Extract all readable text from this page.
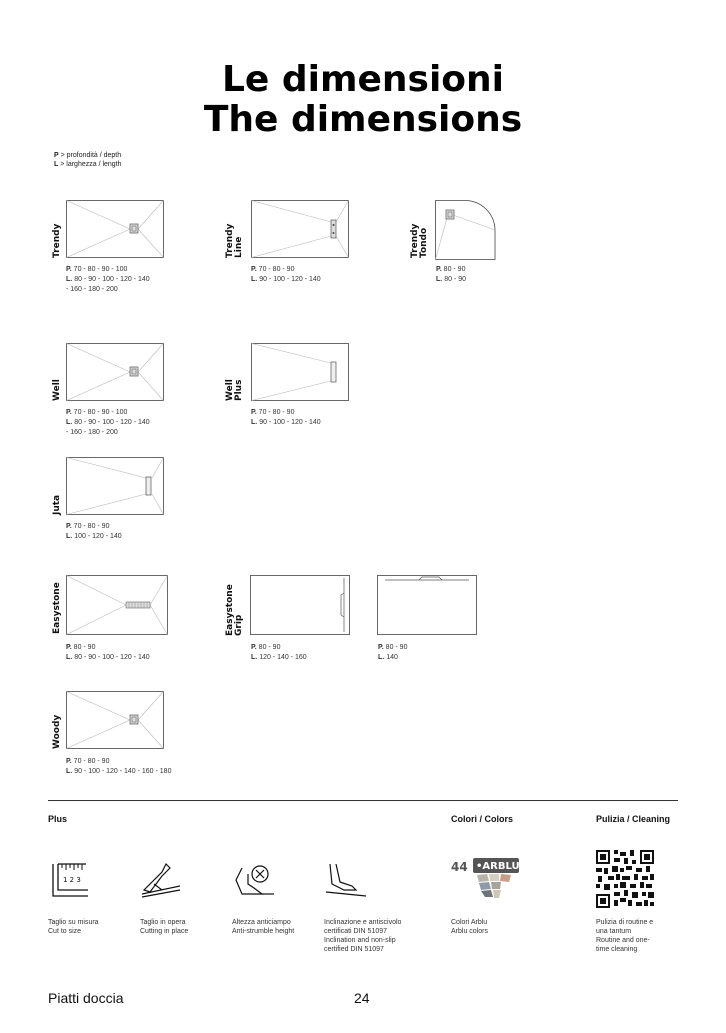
Le dimensioni
The dimensions
P > profondità / depth
L > larghezza / length
Trendy
P. 70 - 80 - 90 - 100
L. 80 - 90 - 100 - 120 - 140
- 160 - 180 - 200
Trendy Line
P. 70 - 80 - 90
L. 90 - 100 - 120 - 140
Trendy Tondo
P. 80 - 90
L. 80 - 90
Well
P. 70 - 80 - 90 - 100
L. 80 - 90 - 100 - 120 - 140
- 160 - 180 - 200
Well Plus
P. 70 - 80 - 90
L. 90 - 100 - 120 - 140
Juta
P. 70 - 80 - 90
L. 100 - 120 - 140
Easystone
P. 80 - 90
L. 80 - 90 - 100 - 120 - 140
Easystone Grip
P. 80 - 90
L. 120 - 140 - 160
P. 80 - 90
L. 140
Woody
P. 70 - 80 - 90
L. 90 - 100 - 120 - 140 - 160 - 180
Plus	Colori / Colors	Pulizia / Cleaning
1 2 3
44 •ARBLU
Taglio su misura
Cut to size
Taglio in opera
Cutting in place
Altezza anticiampo
Anti-strumble height
Inclinazione e antiscivolo
certificati DIN 51097
Inclination and non-slip
certified DIN 51097
Colori Arblu
Arblu colors
Pulizia di routine e
una tantum
Routine and one-
time cleaning
Piatti doccia	24
